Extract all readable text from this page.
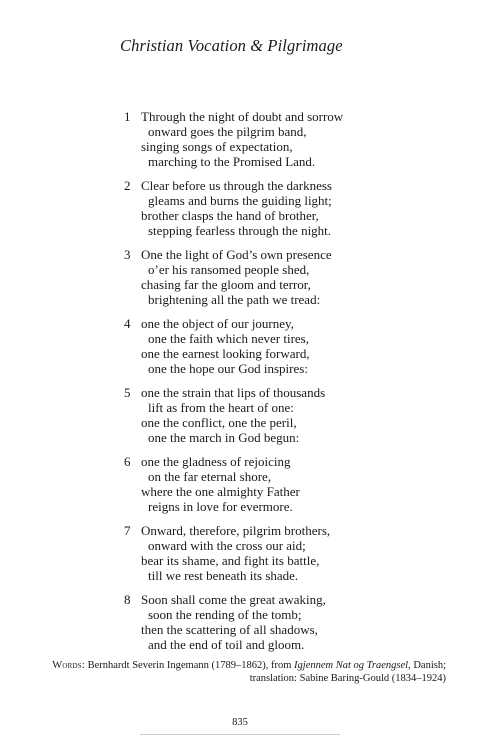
Christian Vocation & Pilgrimage
1 Through the night of doubt and sorrow
onward goes the pilgrim band,
singing songs of expectation,
marching to the Promised Land.
2 Clear before us through the darkness
gleams and burns the guiding light;
brother clasps the hand of brother,
stepping fearless through the night.
3 One the light of God’s own presence
o’er his ransomed people shed,
chasing far the gloom and terror,
brightening all the path we tread:
4 one the object of our journey,
one the faith which never tires,
one the earnest looking forward,
one the hope our God inspires:
5 one the strain that lips of thousands
lift as from the heart of one:
one the conflict, one the peril,
one the march in God begun:
6 one the gladness of rejoicing
on the far eternal shore,
where the one almighty Father
reigns in love for evermore.
7 Onward, therefore, pilgrim brothers,
onward with the cross our aid;
bear its shame, and fight its battle,
till we rest beneath its shade.
8 Soon shall come the great awaking,
soon the rending of the tomb;
then the scattering of all shadows,
and the end of toil and gloom.
Words: Bernhardt Severin Ingemann (1789–1862), from Igjennem Nat og Traengsel, Danish;
translation: Sabine Baring-Gould (1834–1924)
835
